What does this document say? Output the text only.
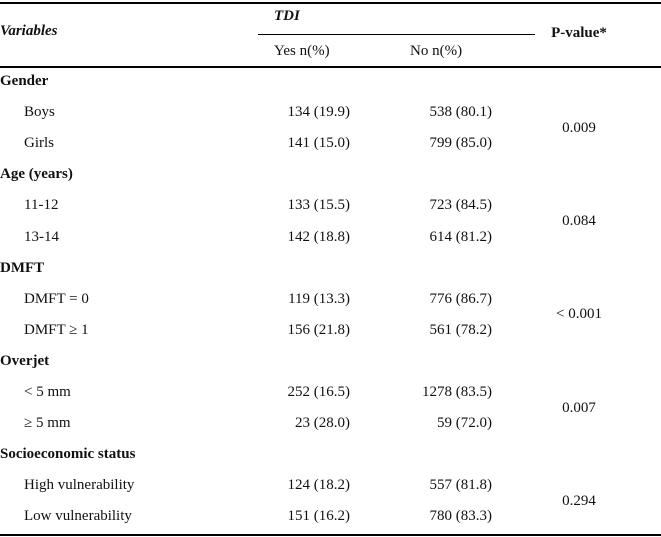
Variables
TDI
Yes n(%)	No n(%)
P-value*
Gender
Boys	134 (19.9)	538 (80.1)
Girls	141 (15.0)	799 (85.0)
0.009
Age (years)
11-12	133 (15.5)	723 (84.5)
13-14	142 (18.8)	614 (81.2)
0.084
DMFT
DMFT = 0	119 (13.3)	776 (86.7)
DMFT ≥ 1	156 (21.8)	561 (78.2)
< 0.001
Overjet
< 5 mm	252 (16.5)	1278 (83.5)
≥ 5 mm	23 (28.0)	59 (72.0)
0.007
Socioeconomic status
High vulnerability	124 (18.2)	557 (81.8)
Low vulnerability	151 (16.2)	780 (83.3)
0.294
